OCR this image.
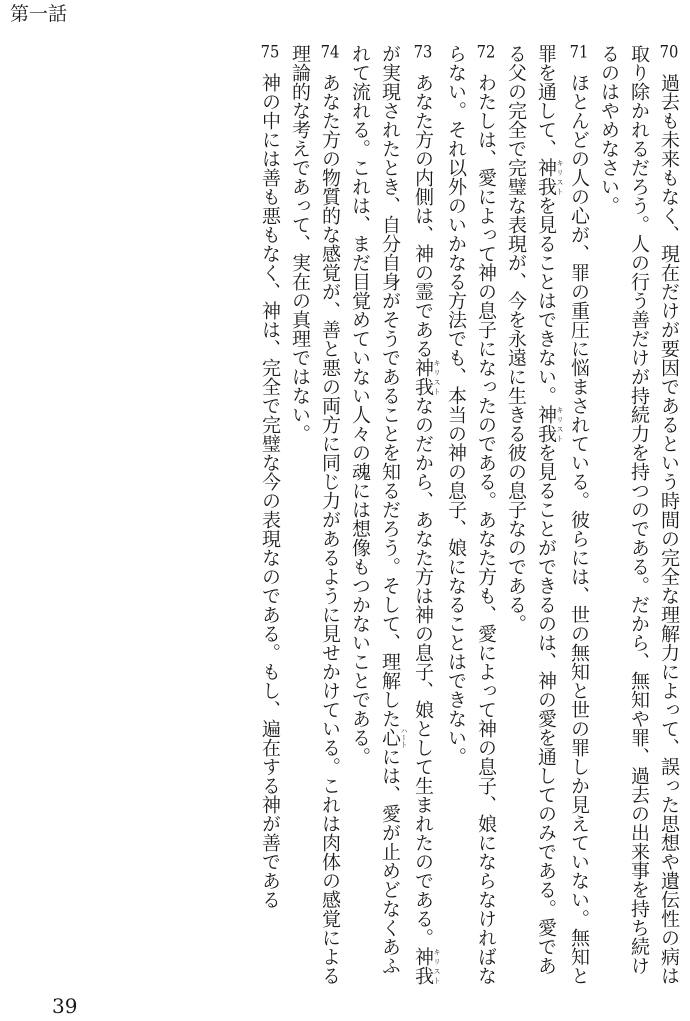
第一話

70過去も未来もなく、現在だけが要因であるという時間の完全な理解力によって、誤った思想や遺伝性の病は取り除かれるだろう。人の行う善だけが持続力を持つのである。だから、無知や罪、過去の出来事を持ち続けるのはやめなさい。

71ほとんどの人の心が、罪の重圧に悩まされている。彼らには、世の無知と世の罪しか見えていない。無知と罪を通して、神我 キリストを見ることはできない。神我 キリストを見ることができるのは、神の愛を通してのみである。愛である父の完全で完璧な表現が、今を永遠に生きる彼の息子なのである。

72わたしは、愛によって神の息子になったのである。あなた方も、愛によって神の息子、娘にならなければならない。それ以外のいかなる方法でも、本当の神の息子、娘になることはできない。

73あなた方の内側は、神の霊である神我 キリストなのだから、あなた方は神の息子、娘として生まれたのである。神我 キリストが実現されたとき、自分自身がそうであることを知るだろう。そして、理解した心 ハートには、愛が止めどなくあふれて流れる。これは、まだ目覚めていない人々の魂には想像もつかないことである。

74あなた方の物質的な感覚が、善と悪の両方に同じ力があるように見せかけている。これは肉体の感覚による理論的な考えであって、実在の真理ではない。

75神の中には善も悪もなく、神は、完全で完璧な今の表現なのである。もし、遍在する神が善である

39
